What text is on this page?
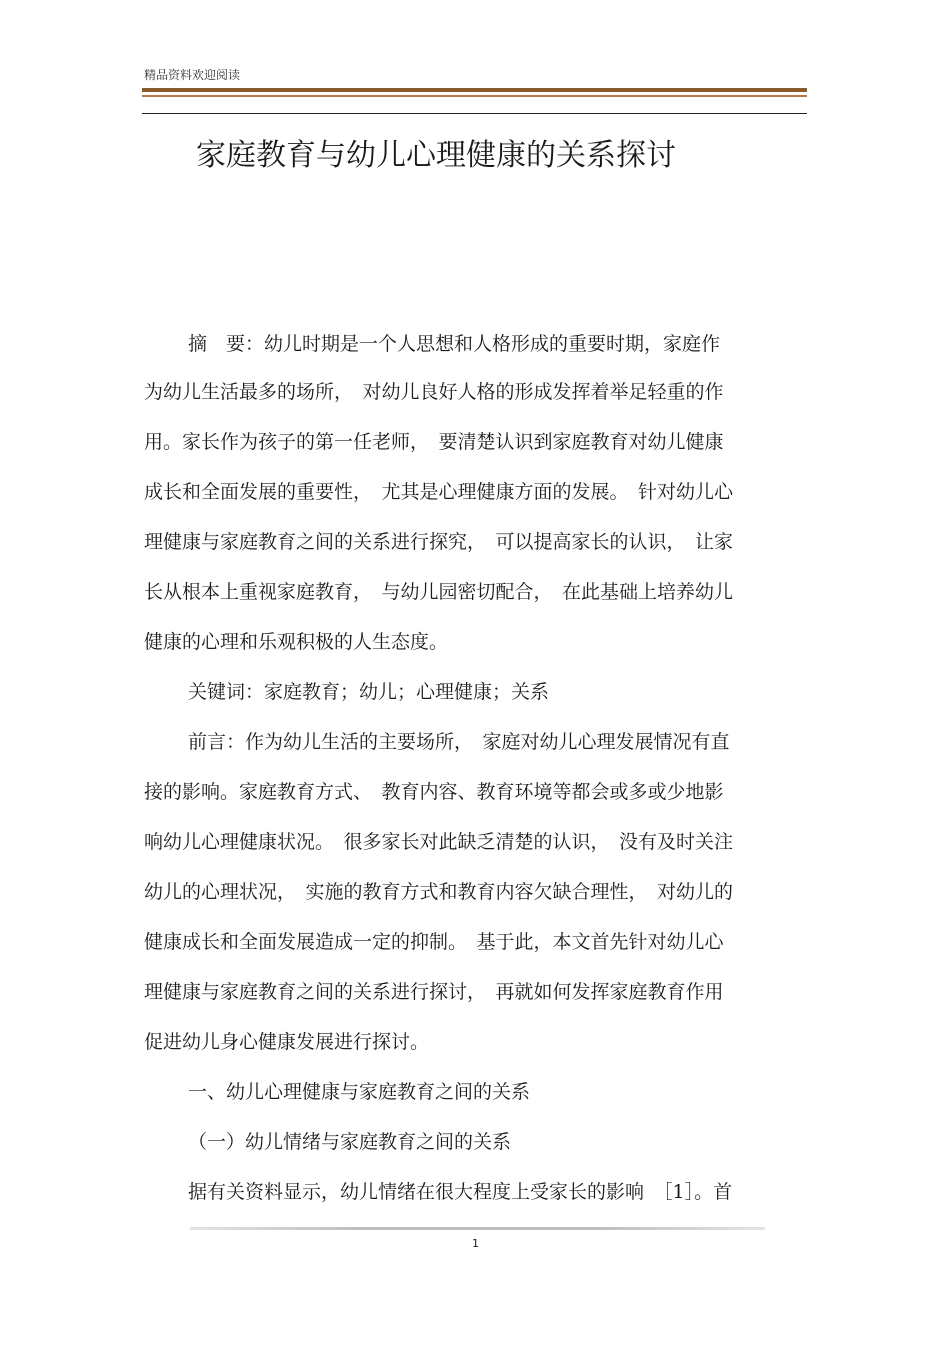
精品资料欢迎阅读
家庭教育与幼儿心理健康的关系探讨
摘　要：幼儿时期是一个人思想和人格形成的重要时期，家庭作
为幼儿生活最多的场所，　对幼儿良好人格的形成发挥着举足轻重的作
用。家长作为孩子的第一任老师，　要清楚认识到家庭教育对幼儿健康
成长和全面发展的重要性，　尤其是心理健康方面的发展。　针对幼儿心
理健康与家庭教育之间的关系进行探究，　可以提高家长的认识，　让家
长从根本上重视家庭教育，　与幼儿园密切配合，　在此基础上培养幼儿
健康的心理和乐观积极的人生态度。
关键词：家庭教育；幼儿；心理健康；关系
前言：作为幼儿生活的主要场所，　家庭对幼儿心理发展情况有直
接的影响。家庭教育方式、　教育内容、教育环境等都会或多或少地影
响幼儿心理健康状况。　很多家长对此缺乏清楚的认识，　没有及时关注
幼儿的心理状况，　实施的教育方式和教育内容欠缺合理性，　对幼儿的
健康成长和全面发展造成一定的抑制。　基于此，本文首先针对幼儿心
理健康与家庭教育之间的关系进行探讨，　再就如何发挥家庭教育作用
促进幼儿身心健康发展进行探讨。
一、幼儿心理健康与家庭教育之间的关系
（一）幼儿情绪与家庭教育之间的关系
据有关资料显示，幼儿情绪在很大程度上受家长的影响　［1］。首
1
